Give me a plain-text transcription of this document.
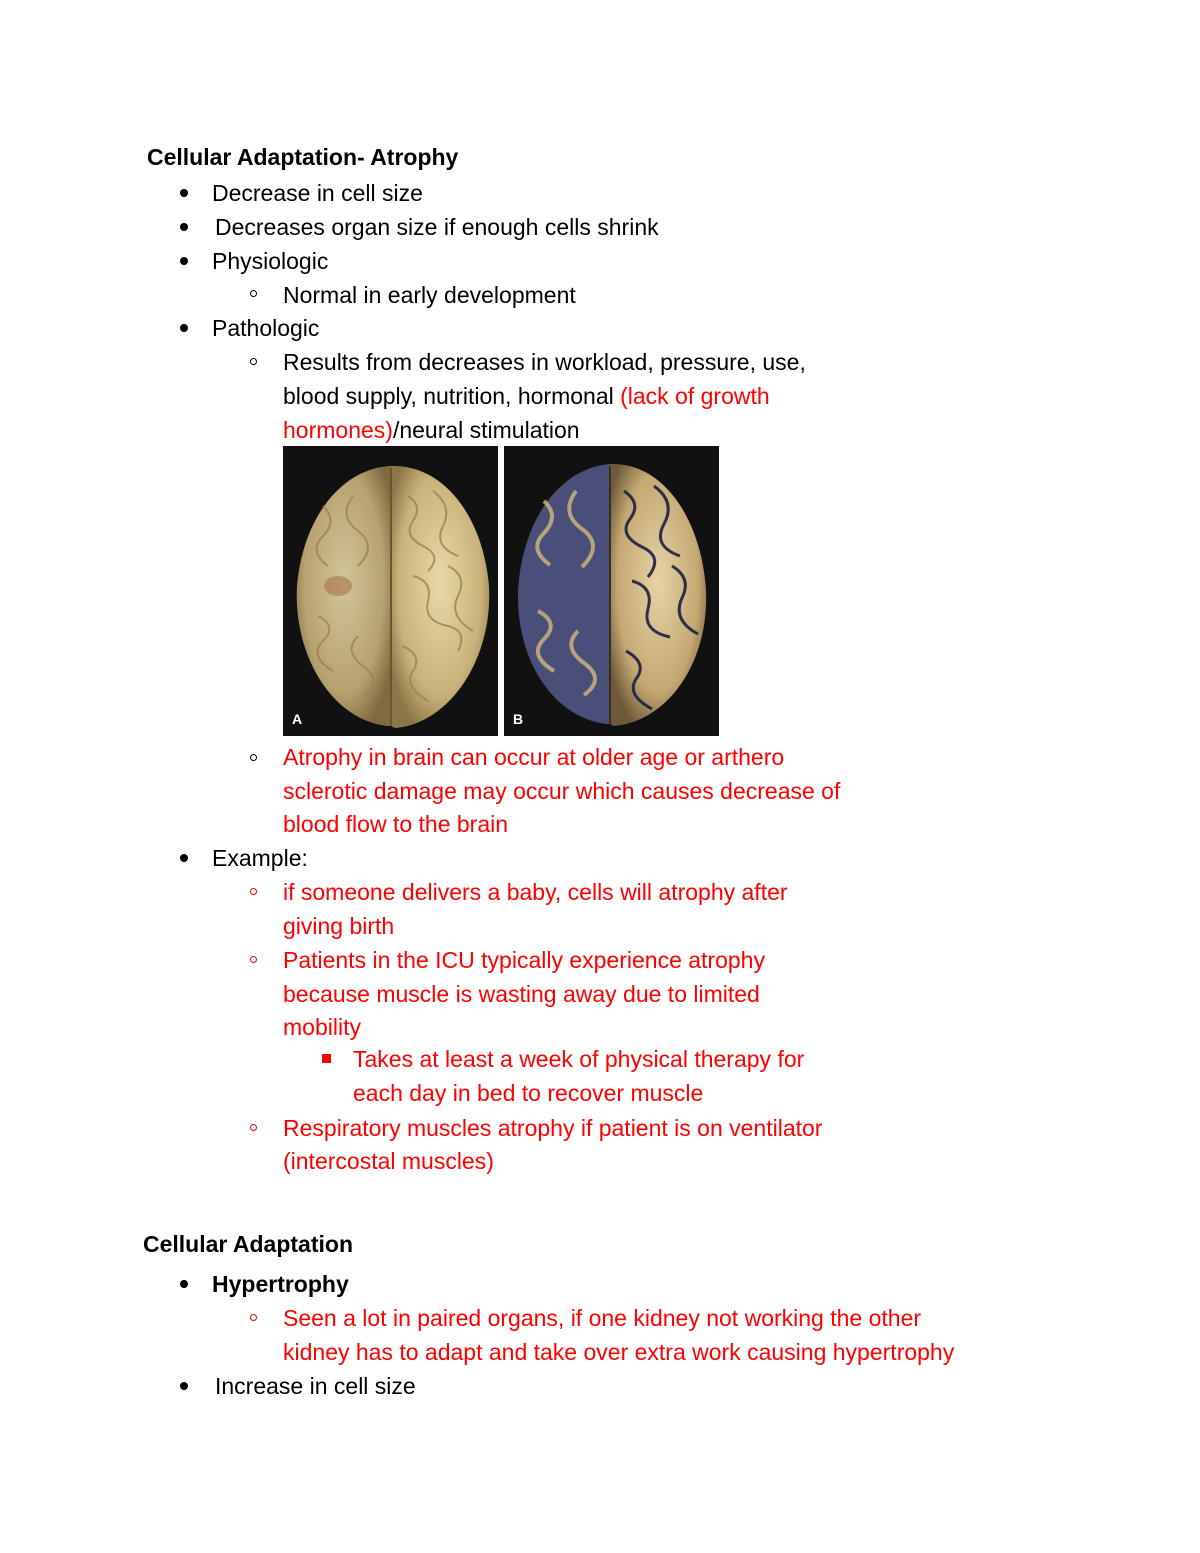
Cellular Adaptation- Atrophy
Decrease in cell size
Decreases organ size if enough cells shrink
Physiologic
Normal in early development
Pathologic
Results from decreases in workload, pressure, use,
blood supply, nutrition, hormonal (lack of growth
hormones)/neural stimulation
A	B
Atrophy in brain can occur at older age or arthero
sclerotic damage may occur which causes decrease of
blood flow to the brain
Example:
if someone delivers a baby, cells will atrophy after
giving birth
Patients in the ICU typically experience atrophy
because muscle is wasting away due to limited
mobility
Takes at least a week of physical therapy for
each day in bed to recover muscle
Respiratory muscles atrophy if patient is on ventilator
(intercostal muscles)
Cellular Adaptation
Hypertrophy
Seen a lot in paired organs, if one kidney not working the other
kidney has to adapt and take over extra work causing hypertrophy
Increase in cell size
